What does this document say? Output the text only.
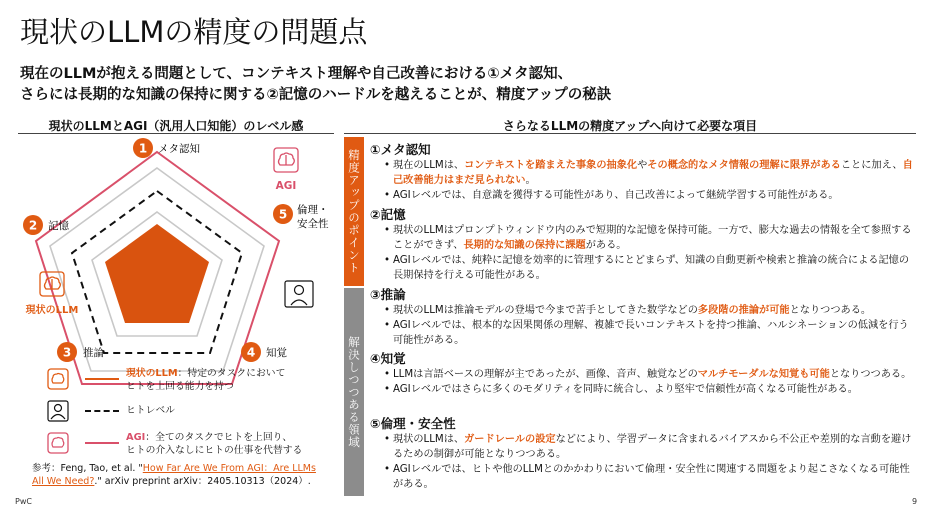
現状のLLMの精度の問題点
現在のLLMが抱える問題として、コンテキスト理解や自己改善における①メタ認知、
さらには長期的な知識の保持に関する②記憶のハードルを越えることが、精度アップの秘訣
現状のLLMとAGI（汎用人口知能）のレベル感	さらなるLLMの精度アップへ向けて必要な項目
1 メタ認知
2 記憶
3 推論	4 知覚
5 倫理・
安全性
AGI
現状のLLM
現状のLLM：特定のタスクにおいて
ヒトを上回る能力を持つ
ヒトレベル
AGI：全てのタスクでヒトを上回り、
ヒトの介入なしにヒトの仕事を代替する
参考：Feng, Tao, et al. "How Far Are We From AGI：Are LLMs
All We Need?." arXiv preprint arXiv：2405.10313（2024）.
精度アップのポイント
解決しつつある領域
①メタ認知
• 現在のLLMは、コンテキストを踏まえた事象の抽象化やその概念的なメタ情報の理解に限界があることに加え、自己改善能力はまだ見られない。
• AGIレベルでは、自意識を獲得する可能性があり、自己改善によって継続学習する可能性がある。
②記憶
• 現状のLLMはプロンプトウィンドウ内のみで短期的な記憶を保持可能。一方で、膨大な過去の情報を全て参照することができず、長期的な知識の保持に課題がある。
• AGIレベルでは、純粋に記憶を効率的に管理するにとどまらず、知識の自動更新や検索と推論の統合による記憶の長期保持を行える可能性がある。
③推論
• 現状のLLMは推論モデルの登場で今まで苦手としてきた数学などの多段階の推論が可能となりつつある。
• AGIレベルでは、根本的な因果関係の理解、複雑で長いコンテキストを持つ推論、ハルシネーションの低減を行う可能性がある。
④知覚
• LLMは言語ベースの理解が主であったが、画像、音声、触覚などのマルチモーダルな知覚も可能となりつつある。
• AGIレベルではさらに多くのモダリティを同時に統合し、より堅牢で信頼性が高くなる可能性がある。
⑤倫理・安全性
• 現状のLLMは、ガードレールの設定などにより、学習データに含まれるバイアスから不公正や差別的な言動を避けるための制御が可能となりつつある。
• AGIレベルでは、ヒトや他のLLMとのかかわりにおいて倫理・安全性に関連する問題をより起こさなくなる可能性がある。
PwC	9
